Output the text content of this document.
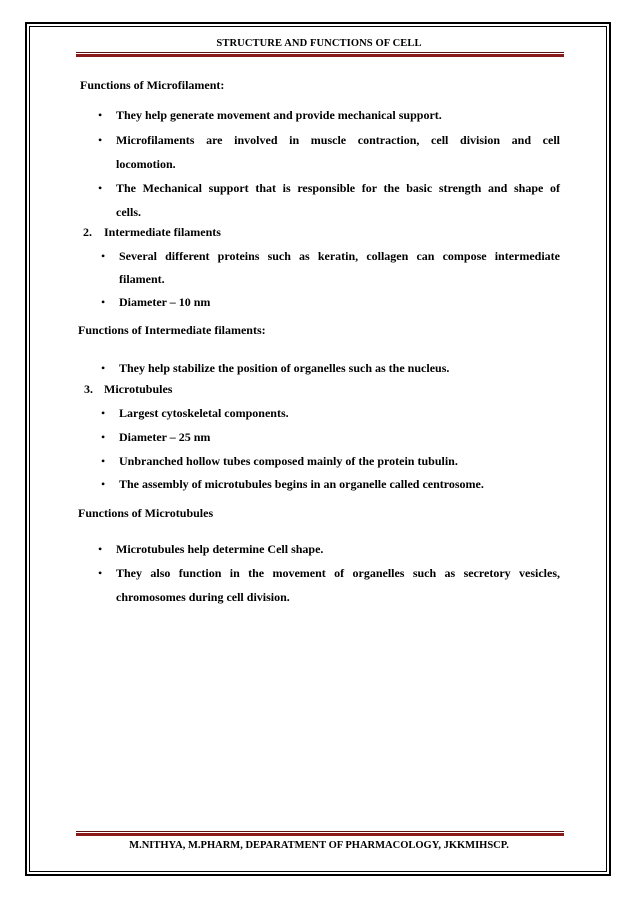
STRUCTURE AND FUNCTIONS OF CELL
Functions of Microfilament:
• They help generate movement and provide mechanical support.
• Microfilaments are involved in muscle contraction, cell division and cell
locomotion.
• The Mechanical support that is responsible for the basic strength and shape of
cells.
2. Intermediate filaments
• Several different proteins such as keratin, collagen can compose intermediate
filament.
• Diameter – 10 nm
Functions of Intermediate filaments:
• They help stabilize the position of organelles such as the nucleus.
3. Microtubules
• Largest cytoskeletal components.
• Diameter – 25 nm
• Unbranched hollow tubes composed mainly of the protein tubulin.
• The assembly of microtubules begins in an organelle called centrosome.
Functions of Microtubules
• Microtubules help determine Cell shape.
• They also function in the movement of organelles such as secretory vesicles,
chromosomes during cell division.
M.NITHYA, M.PHARM, DEPARATMENT OF PHARMACOLOGY, JKKMIHSCP.
